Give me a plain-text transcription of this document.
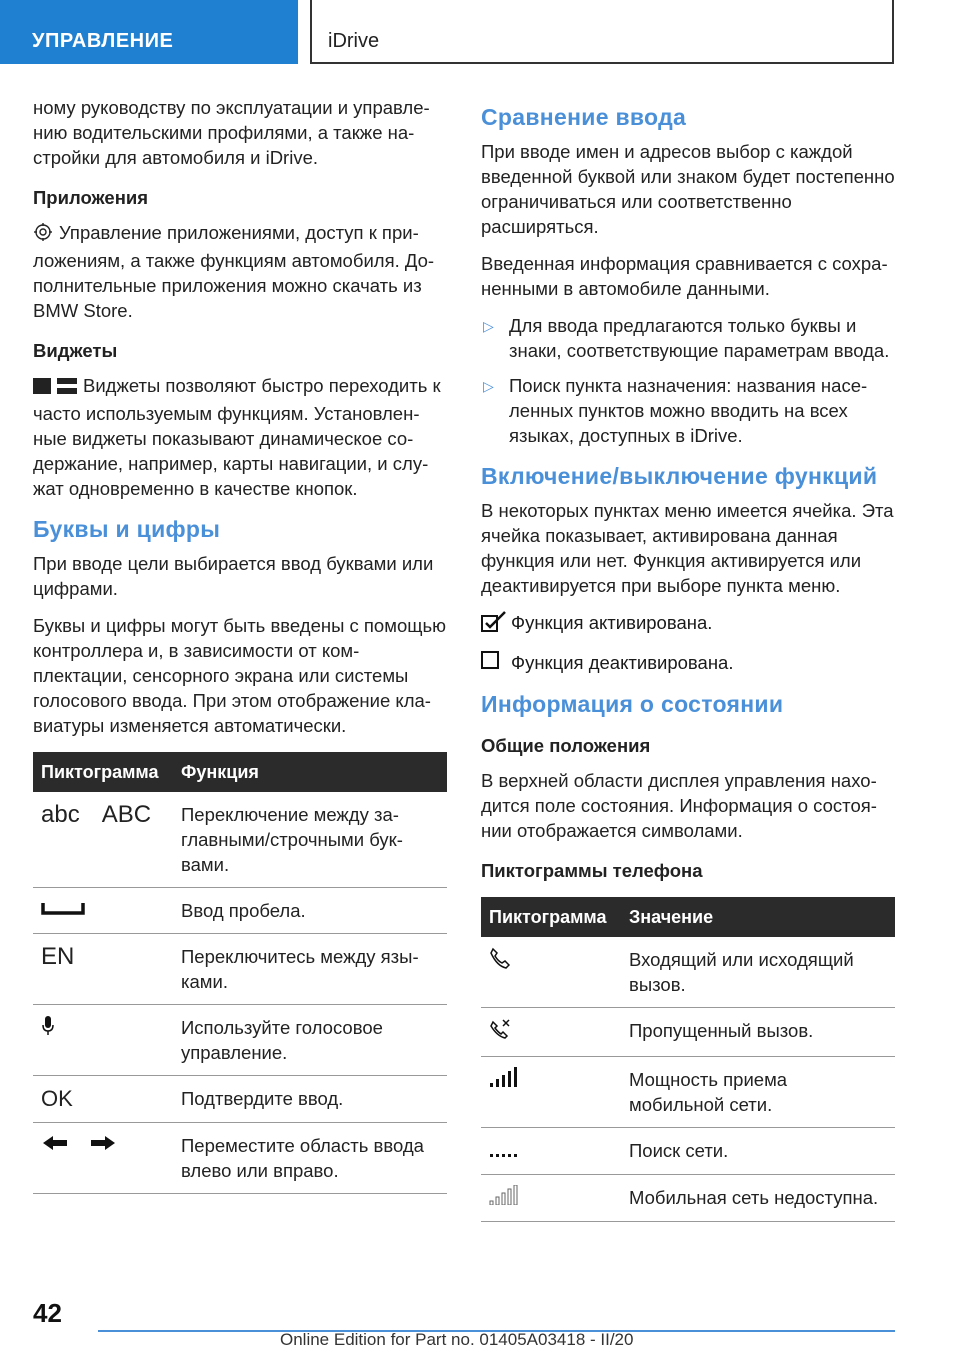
УПРАВЛЕНИЕ	iDrive

ному руководству по эксплуатации и управлению водительскими профилями, а также настройки для автомобиля и iDrive.

Приложения

Управление приложениями, доступ к приложениям, а также функциям автомобиля. Дополнительные приложения можно скачать из BMW Store.

Виджеты

Виджеты позволяют быстро переходить к часто используемым функциям. Установленные виджеты показывают динамическое содержание, например, карты навигации, и служат одновременно в качестве кнопок.

Буквы и цифры

При вводе цели выбирается ввод буквами или цифрами.

Буквы и цифры могут быть введены с помощью контроллера и, в зависимости от комплектации, сенсорного экрана или системы голосового ввода. При этом отображение клавиатуры изменяется автоматически.

Пиктограмма	Функция
abc ABC	Переключение между заглавными/строчными буквами.
	Ввод пробела.
EN	Переключитесь между языками.
	Используйте голосовое управление.
OK	Подтвердите ввод.
	Переместите область ввода влево или вправо.
Сравнение ввода

При вводе имен и адресов выбор с каждой введенной буквой или знаком будет постепенно ограничиваться или соответственно расширяться.

Введенная информация сравнивается с сохраненными в автомобиле данными.

▷ Для ввода предлагаются только буквы и знаки, соответствующие параметрам ввода.
▷ Поиск пункта назначения: названия населенных пунктов можно вводить на всех языках, доступных в iDrive.
Включение/выключение функций

В некоторых пунктах меню имеется ячейка. Эта ячейка показывает, активирована данная функция или нет. Функция активируется или деактивируется при выборе пункта меню.

Функция активирована.
Функция деактивирована.
Информация о состоянии
Общие положения

В верхней области дисплея управления находится поле состояния. Информация о состоянии отображается символами.

Пиктограммы телефона
Пиктограмма	Значение
	Входящий или исходящий вызов.
	Пропущенный вызов.
	Мощность приема мобильной сети.
	Поиск сети.
	Мобильная сеть недоступна.
42
Online Edition for Part no. 01405A03418 - II/20
